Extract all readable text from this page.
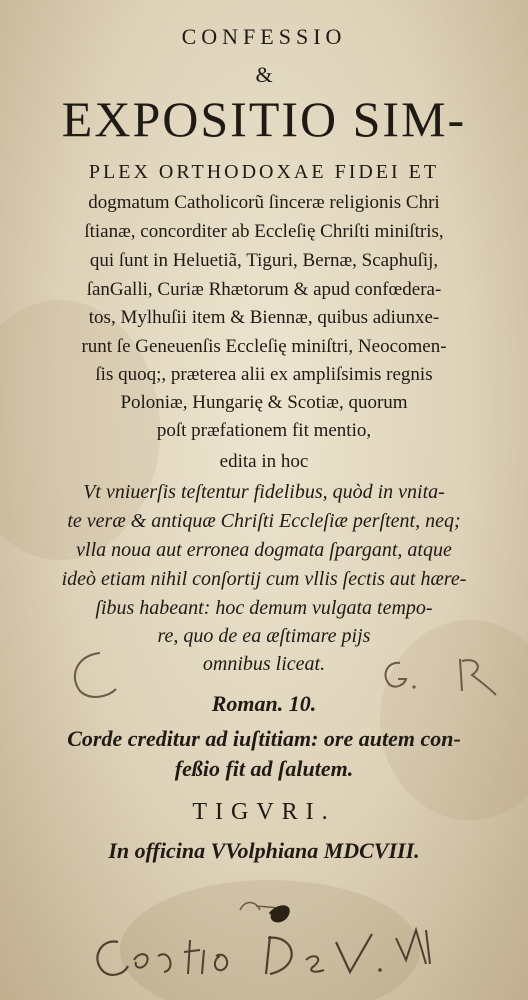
CONFESSIO
&
EXPOSITIO SIM-
PLEX ORTHODOXAE FIDEI ET
dogmatum Catholicorũ ſinceræ religionis Chri
ſtianæ, concorditer ab Eccleſię Chriſti miniſtris,
qui ſunt in Heluetiã, Tiguri, Bernæ, Scaphuſij,
ſanGalli, Curiæ Rhætorum & apud confœdera-
tos, Mylhuſii item & Biennæ, quibus adiunxe-
runt ſe Geneuenſis Eccleſię miniſtri, Neocomen-
ſis quoq;, præterea alii ex ampliſsimis regnis
Poloniæ, Hungarię & Scotiæ, quorum
poſt præfationem fit mentio,
edita in hoc
Vt vniuerſis teſtentur fidelibus, quòd in vnita-
te veræ & antiquæ Chriſti Eccleſiæ perſtent, neq;
vlla noua aut erronea dogmata ſpargant, atque
ideò etiam nihil conſortij cum vllis ſectis aut hære-
ſibus habeant: hoc demum vulgata tempo-
re, quo de ea æſtimare pijs
omnibus liceat.
Roman. 10.
Corde creditur ad iuſtitiam: ore autem con-
feßio fit ad ſalutem.
TIGVRI.
In officina VVolphiana MDCVIII.
